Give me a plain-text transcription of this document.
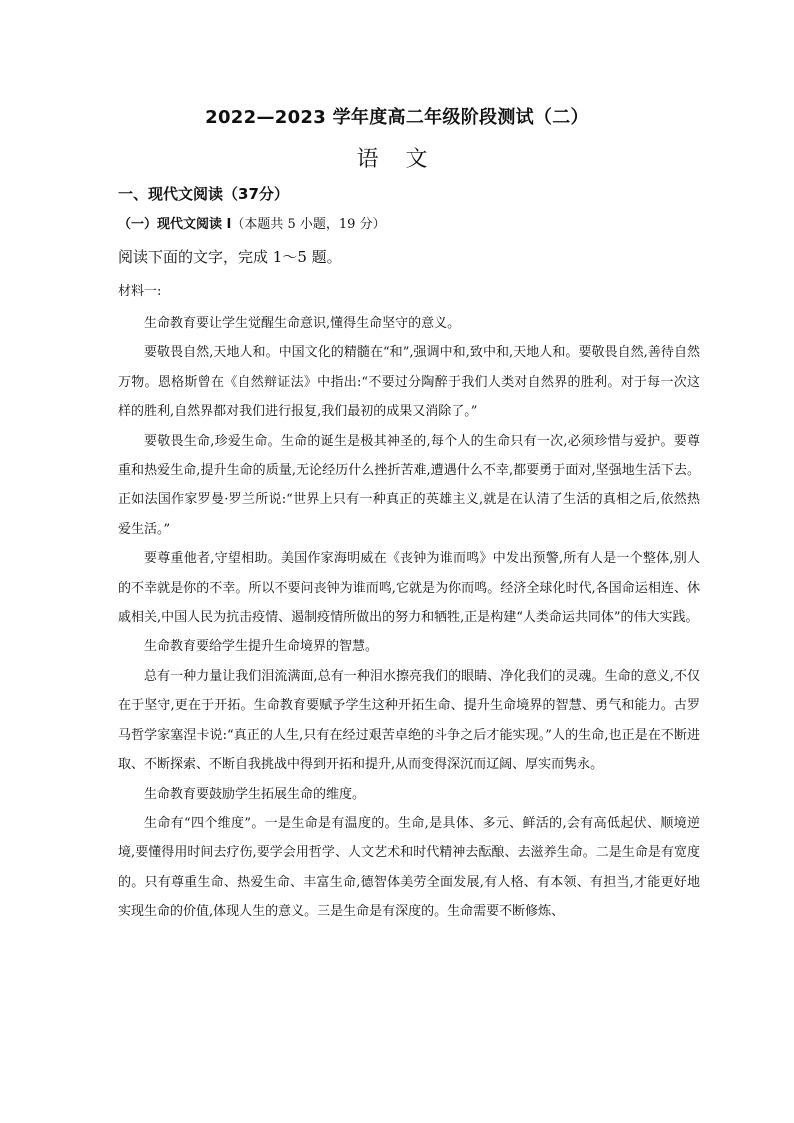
2022—2023 学年度高二年级阶段测试（二）
语 文
一、现代文阅读（37分）
（一）现代文阅读 I（本题共 5 小题，19 分）
阅读下面的文字，完成 1～5 题。
材料一:

生命教育要让学生觉醒生命意识,懂得生命坚守的意义。

要敬畏自然,天地人和。中国文化的精髓在“和”,强调中和,致中和,天地人和。要敬畏自然,善待自然万物。恩格斯曾在《自然辩证法》中指出:“不要过分陶醉于我们人类对自然界的胜利。对于每一次这样的胜利,自然界都对我们进行报复,我们最初的成果又消除了。”

要敬畏生命,珍爱生命。生命的诞生是极其神圣的,每个人的生命只有一次,必须珍惜与爱护。要尊重和热爱生命,提升生命的质量,无论经历什么挫折苦难,遭遇什么不幸,都要勇于面对,坚强地生活下去。正如法国作家罗曼·罗兰所说:“世界上只有一种真正的英雄主义,就是在认清了生活的真相之后,依然热爱生活。”

要尊重他者,守望相助。美国作家海明威在《丧钟为谁而鸣》中发出预警,所有人是一个整体,别人的不幸就是你的不幸。所以不要问丧钟为谁而鸣,它就是为你而鸣。经济全球化时代,各国命运相连、休戚相关,中国人民为抗击疫情、遏制疫情所做出的努力和牺牲,正是构建“人类命运共同体”的伟大实践。

生命教育要给学生提升生命境界的智慧。

总有一种力量让我们泪流满面,总有一种泪水擦亮我们的眼睛、净化我们的灵魂。生命的意义,不仅在于坚守,更在于开拓。生命教育要赋予学生这种开拓生命、提升生命境界的智慧、勇气和能力。古罗马哲学家塞涅卡说:“真正的人生,只有在经过艰苦卓绝的斗争之后才能实现。”人的生命,也正是在不断进取、不断探索、不断自我挑战中得到开拓和提升,从而变得深沉而辽阔、厚实而隽永。

生命教育要鼓励学生拓展生命的维度。

生命有“四个维度”。一是生命是有温度的。生命,是具体、多元、鲜活的,会有高低起伏、顺境逆境,要懂得用时间去疗伤,要学会用哲学、人文艺术和时代精神去酝酿、去滋养生命。二是生命是有宽度的。只有尊重生命、热爱生命、丰富生命,德智体美劳全面发展,有人格、有本领、有担当,才能更好地实现生命的价值,体现人生的意义。三是生命是有深度的。生命需要不断修炼、
